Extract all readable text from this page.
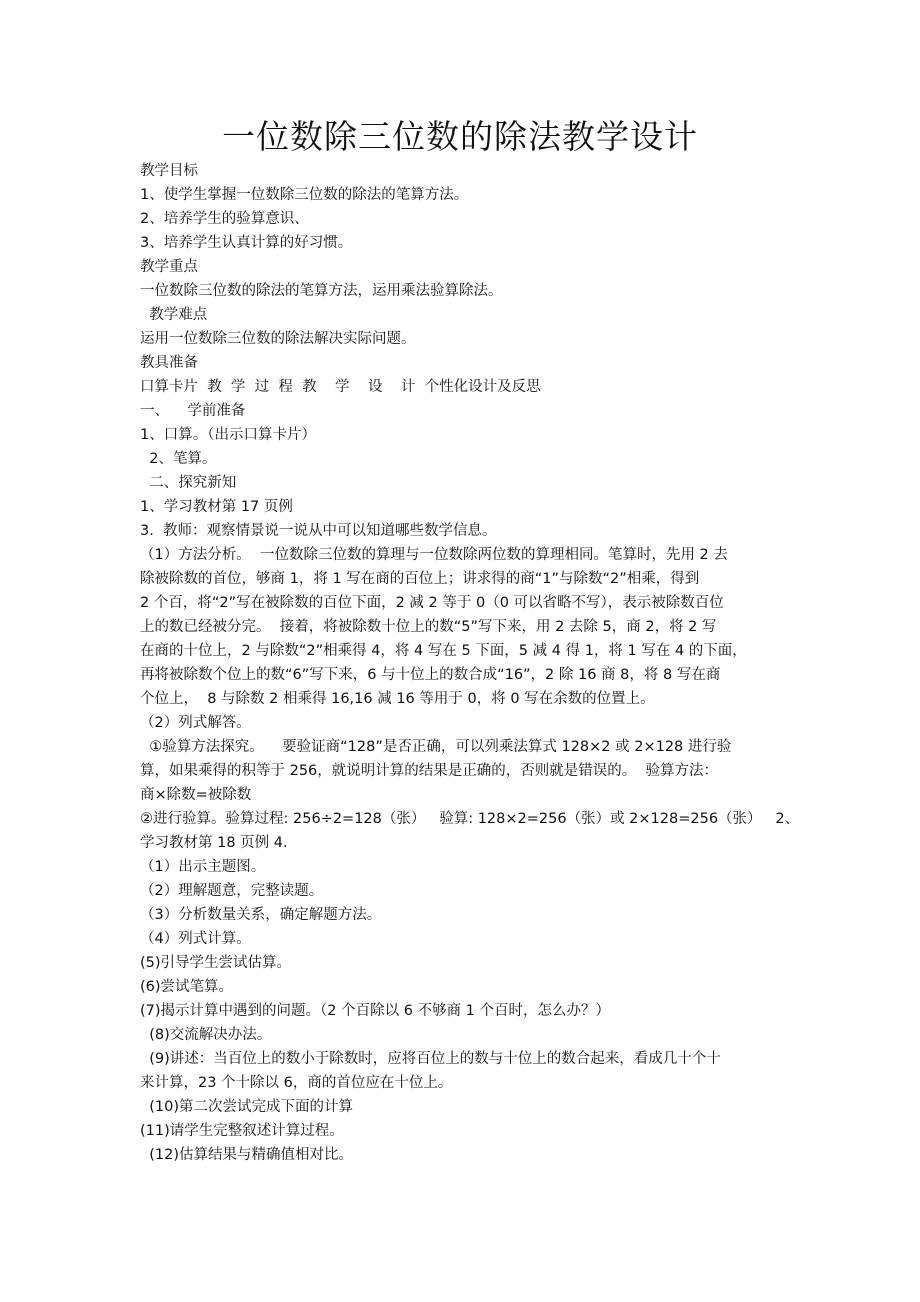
一位数除三位数的除法教学设计
教学目标
1、使学生掌握一位数除三位数的除法的笔算方法。
2、培养学生的验算意识、
3、培养学生认真计算的好习惯。
教学重点
一位数除三位数的除法的笔算方法，运用乘法验算除法。
教学难点
运用一位数除三位数的除法解决实际问题。
教具准备
口算卡片  教  学  过  程  教    学    设    计  个性化设计及反思
一、    学前准备
1、口算。（出示口算卡片）
2、笔算。
二、探究新知
1、学习教材第 17 页例
3.  教师：观察情景说一说从中可以知道哪些数学信息。
（1）方法分析。  一位数除三位数的算理与一位数除两位数的算理相同。笔算时，先用 2 去
除被除数的首位，够商 1，将 1 写在商的百位上；讲求得的商“1”与除数“2”相乘，得到
2 个百，将“2”写在被除数的百位下面，2 减 2 等于 0（0 可以省略不写），表示被除数百位
上的数已经被分完。  接着，将被除数十位上的数“5”写下来，用 2 去除 5，商 2，将 2 写
在商的十位上，2 与除数“2”相乘得 4，将 4 写在 5 下面，5 减 4 得 1，将 1 写在 4 的下面，
再将被除数个位上的数“6”写下来，6 与十位上的数合成“16”，2 除 16 商 8，将 8 写在商
个位上，  8 与除数 2 相乘得 16,16 减 16 等用于 0，将 0 写在余数的位置上。
（2）列式解答。
①验算方法探究。    要验证商“128”是否正确，可以列乘法算式 128×2 或 2×128 进行验
算，如果乘得的积等于 256，就说明计算的结果是正确的，否则就是错误的。  验算方法：
商×除数=被除数
②进行验算。验算过程: 256÷2=128（张）   验算: 128×2=256（张）或 2×128=256（张）   2、
学习教材第 18 页例 4.
（1）出示主题图。
（2）理解题意，完整读题。
（3）分析数量关系，确定解题方法。
（4）列式计算。
(5)引导学生尝试估算。
(6)尝试笔算。
(7)揭示计算中遇到的问题。（2 个百除以 6 不够商 1 个百时，怎么办？）
(8)交流解决办法。
(9)讲述：当百位上的数小于除数时，应将百位上的数与十位上的数合起来，看成几十个十
来计算，23 个十除以 6，商的首位应在十位上。
(10)第二次尝试完成下面的计算
(11)请学生完整叙述计算过程。
(12)估算结果与精确值相对比。
